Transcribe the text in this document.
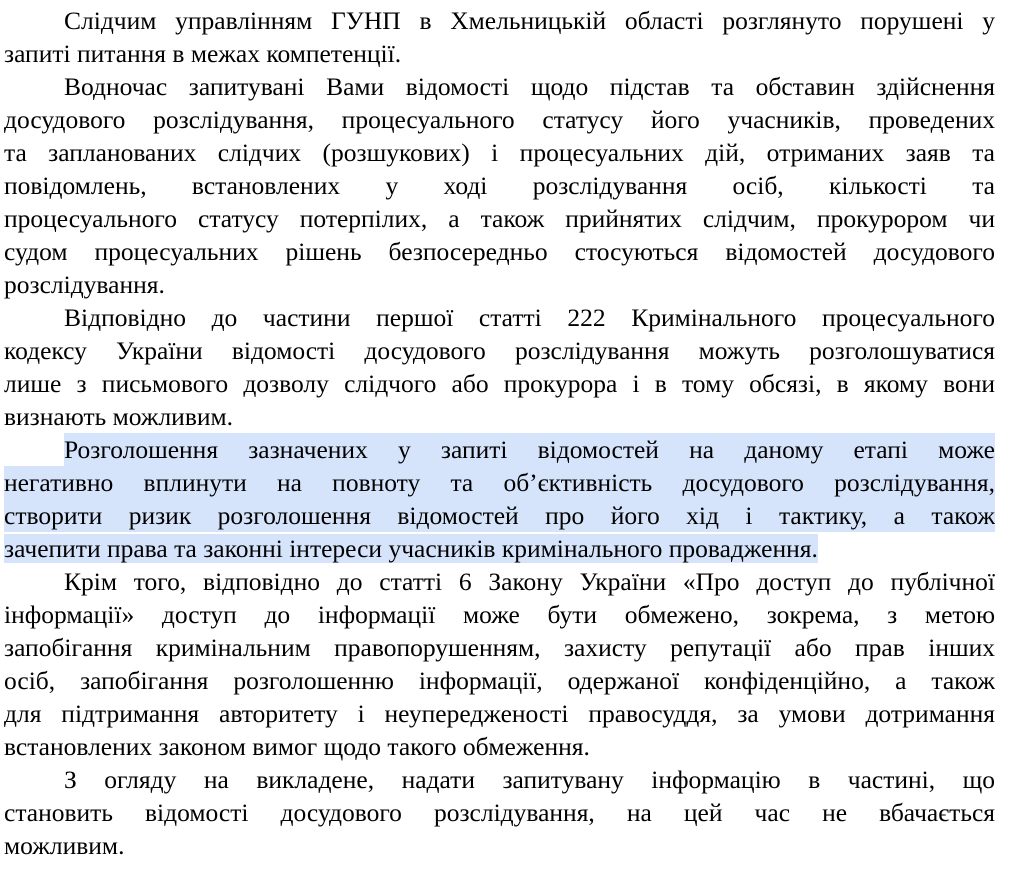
Слідчим управлінням ГУНП в Хмельницькій області розглянуто порушені у
запиті питання в межах компетенції.
Водночас запитувані Вами відомості щодо підстав та обставин здійснення
досудового розслідування, процесуального статусу його учасників, проведених
та запланованих слідчих (розшукових) і процесуальних дій, отриманих заяв та
повідомлень, встановлених у ході розслідування осіб, кількості та
процесуального статусу потерпілих, а також прийнятих слідчим, прокурором чи
судом процесуальних рішень безпосередньо стосуються відомостей досудового
розслідування.
Відповідно до частини першої статті 222 Кримінального процесуального
кодексу України відомості досудового розслідування можуть розголошуватися
лише з письмового дозволу слідчого або прокурора і в тому обсязі, в якому вони
визнають можливим.
Розголошення зазначених у запиті відомостей на даному етапі може
негативно вплинути на повноту та об’єктивність досудового розслідування,
створити ризик розголошення відомостей про його хід і тактику, а також
зачепити права та законні інтереси учасників кримінального провадження.
Крім того, відповідно до статті 6 Закону України «Про доступ до публічної
інформації» доступ до інформації може бути обмежено, зокрема, з метою
запобігання кримінальним правопорушенням, захисту репутації або прав інших
осіб, запобігання розголошенню інформації, одержаної конфіденційно, а також
для підтримання авторитету і неупередженості правосуддя, за умови дотримання
встановлених законом вимог щодо такого обмеження.
З огляду на викладене, надати запитувану інформацію в частині, що
становить відомості досудового розслідування, на цей час не вбачається
можливим.
